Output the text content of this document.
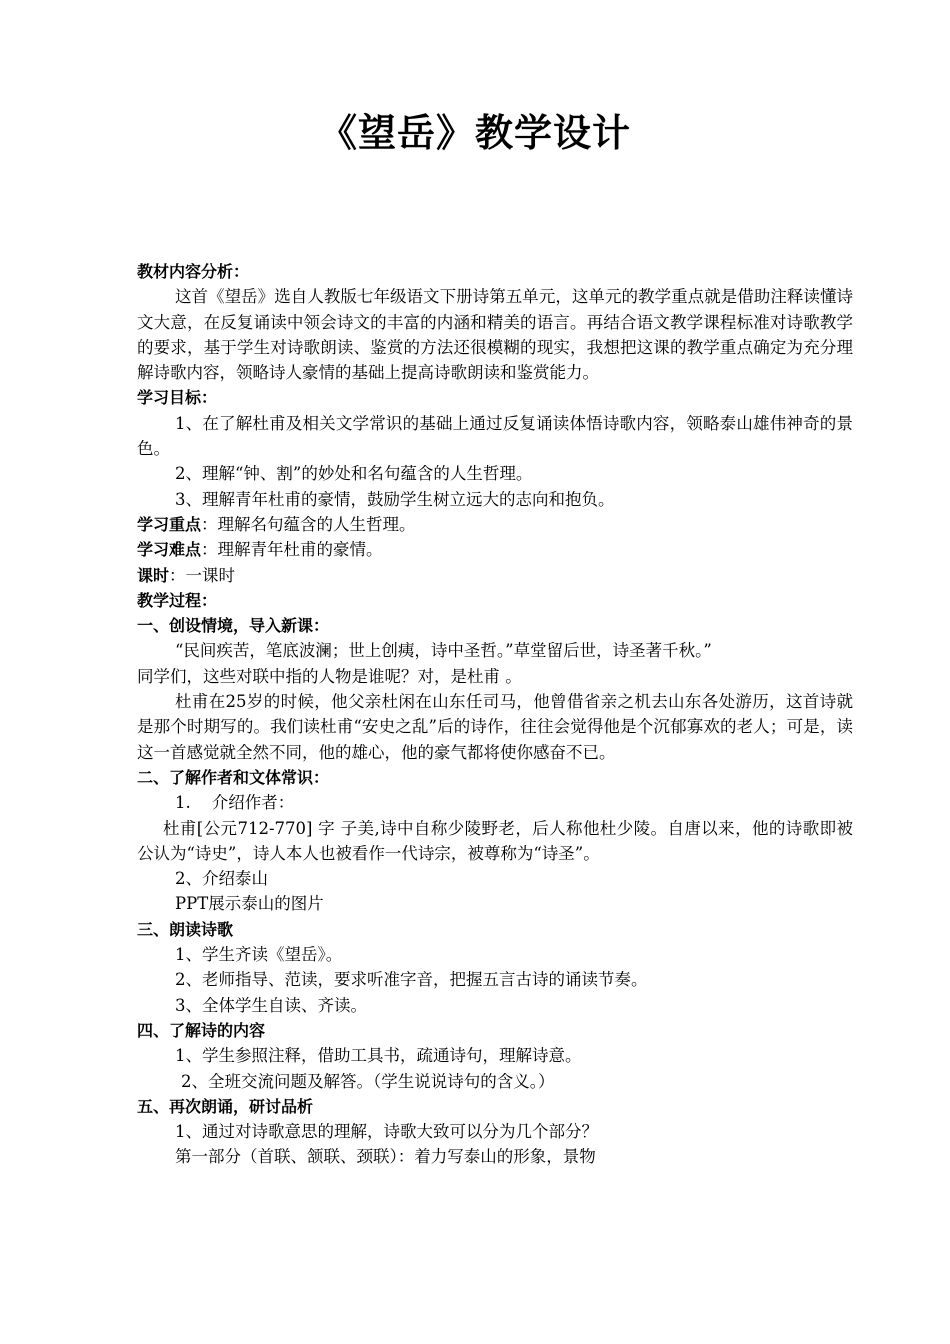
《望岳》教学设计

教材内容分析：

这首《望岳》选自人教版七年级语文下册诗第五单元，这单元的教学重点就是借助注释读懂诗文大意，在反复诵读中领会诗文的丰富的内涵和精美的语言。再结合语文教学课程标准对诗歌教学的要求，基于学生对诗歌朗读、鉴赏的方法还很模糊的现实，我想把这课的教学重点确定为充分理解诗歌内容，领略诗人豪情的基础上提高诗歌朗读和鉴赏能力。

学习目标：

1、在了解杜甫及相关文学常识的基础上通过反复诵读体悟诗歌内容，领略泰山雄伟神奇的景色。

2、理解“钟、割”的妙处和名句蕴含的人生哲理。

3、理解青年杜甫的豪情，鼓励学生树立远大的志向和抱负。

学习重点：理解名句蕴含的人生哲理。

学习难点：理解青年杜甫的豪情。

课时：一课时

教学过程：

一、创设情境，导入新课：

“民间疾苦，笔底波澜；世上创痍，诗中圣哲。”草堂留后世，诗圣著千秋。”

同学们，这些对联中指的人物是谁呢？对，是杜甫 。

杜甫在25岁的时候，他父亲杜闲在山东任司马，他曾借省亲之机去山东各处游历，这首诗就是那个时期写的。我们读杜甫“安史之乱”后的诗作，往往会觉得他是个沉郁寡欢的老人；可是，读这一首感觉就全然不同，他的雄心，他的豪气都将使你感奋不已。

二、了解作者和文体常识：

1. 介绍作者：

杜甫[公元712-770] 字 子美,诗中自称少陵野老，后人称他杜少陵。自唐以来，他的诗歌即被公认为“诗史”，诗人本人也被看作一代诗宗，被尊称为“诗圣”。

2、介绍泰山

PPT展示泰山的图片

三、朗读诗歌

1、学生齐读《望岳》。

2、老师指导、范读，要求听准字音，把握五言古诗的诵读节奏。

3、全体学生自读、齐读。

四、了解诗的内容

1、学生参照注释，借助工具书，疏通诗句，理解诗意。

2、全班交流问题及解答。（学生说说诗句的含义。）

五、再次朗诵，研讨品析

1、通过对诗歌意思的理解，诗歌大致可以分为几个部分？

第一部分（首联、颔联、颈联）：着力写泰山的形象，景物
